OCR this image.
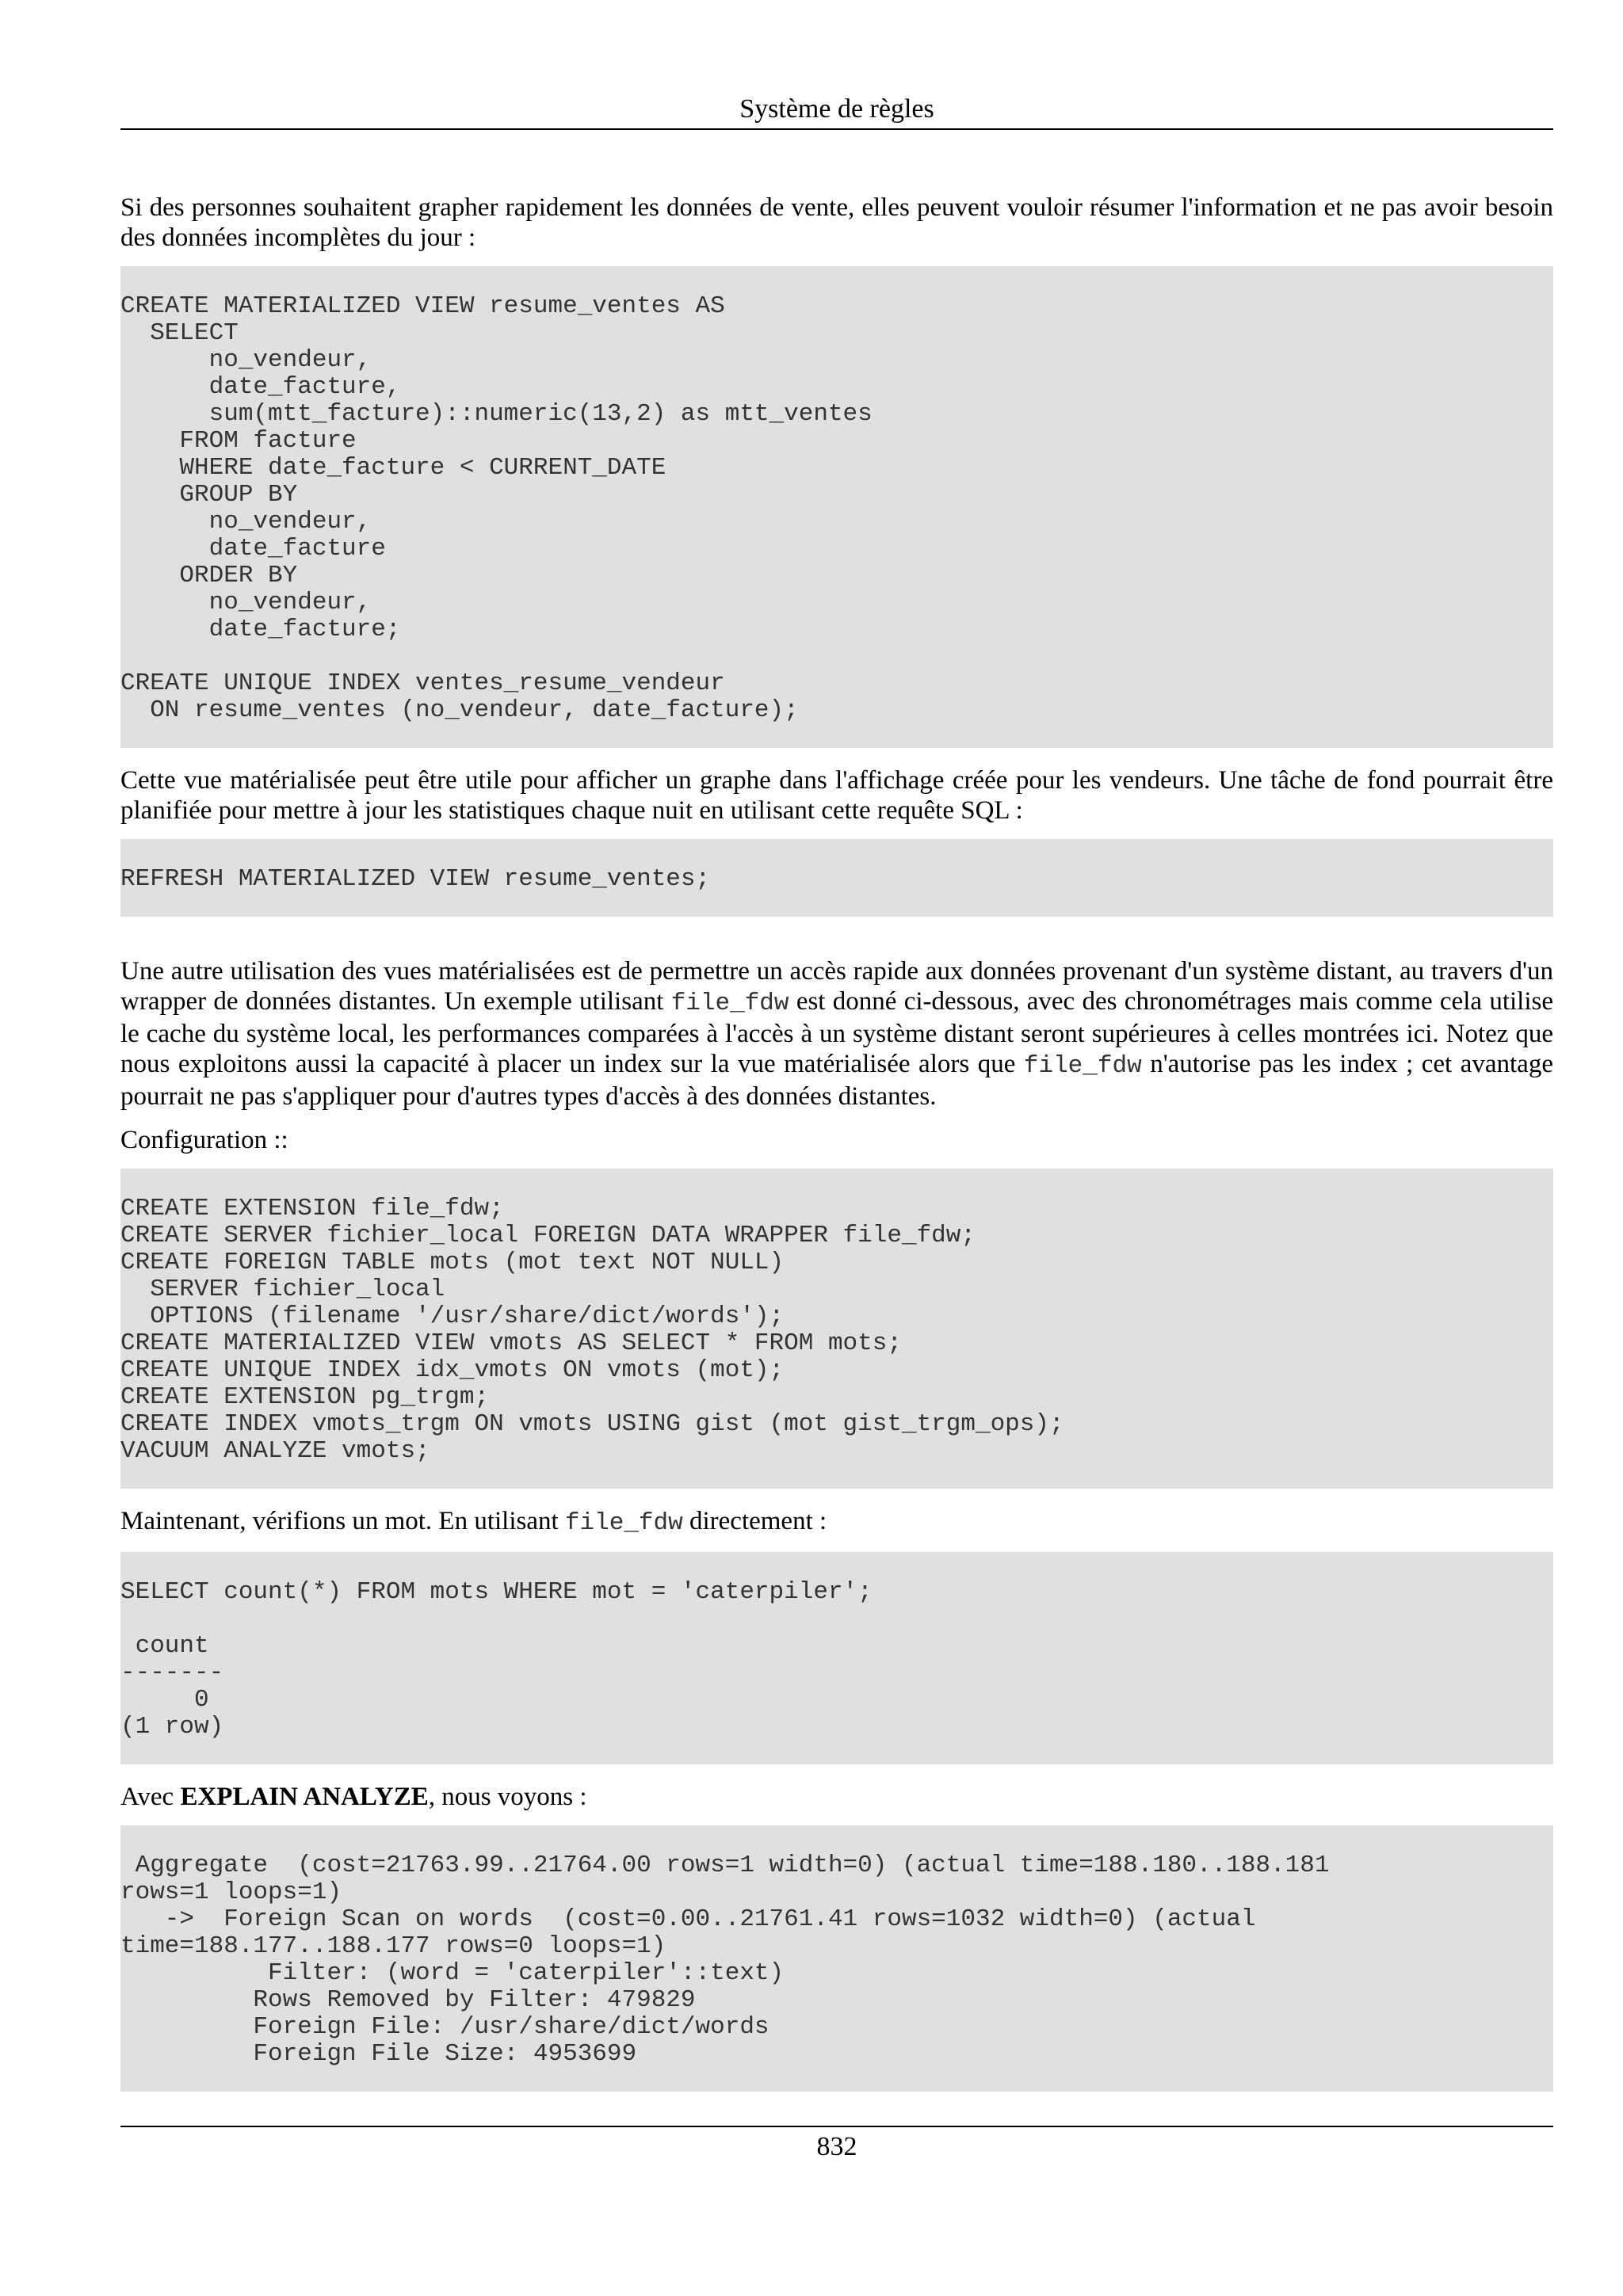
Système de règles

Si des personnes souhaitent grapher rapidement les données de vente, elles peuvent vouloir résumer l'information et ne pas avoir besoin des données incomplètes du jour :

CREATE MATERIALIZED VIEW resume_ventes AS
SELECT
no_vendeur,
date_facture,
sum(mtt_facture)::numeric(13,2) as mtt_ventes
FROM facture
WHERE date_facture < CURRENT_DATE
GROUP BY
no_vendeur,
date_facture
ORDER BY
no_vendeur,
date_facture;

CREATE UNIQUE INDEX ventes_resume_vendeur
ON resume_ventes (no_vendeur, date_facture);

Cette vue matérialisée peut être utile pour afficher un graphe dans l'affichage créée pour les vendeurs. Une tâche de fond pourrait être planifiée pour mettre à jour les statistiques chaque nuit en utilisant cette requête SQL :

REFRESH MATERIALIZED VIEW resume_ventes;

Une autre utilisation des vues matérialisées est de permettre un accès rapide aux données provenant d'un système distant, au travers d'un wrapper de données distantes. Un exemple utilisant file_fdw est donné ci-dessous, avec des chronométrages mais comme cela utilise le cache du système local, les performances comparées à l'accès à un système distant seront supérieures à celles montrées ici. Notez que nous exploitons aussi la capacité à placer un index sur la vue matérialisée alors que file_fdw n'autorise pas les index ; cet avantage pourrait ne pas s'appliquer pour d'autres types d'accès à des données distantes.

Configuration ::

CREATE EXTENSION file_fdw;
CREATE SERVER fichier_local FOREIGN DATA WRAPPER file_fdw;
CREATE FOREIGN TABLE mots (mot text NOT NULL)
SERVER fichier_local
OPTIONS (filename '/usr/share/dict/words');
CREATE MATERIALIZED VIEW vmots AS SELECT * FROM mots;
CREATE UNIQUE INDEX idx_vmots ON vmots (mot);
CREATE EXTENSION pg_trgm;
CREATE INDEX vmots_trgm ON vmots USING gist (mot gist_trgm_ops);
VACUUM ANALYZE vmots;

Maintenant, vérifions un mot. En utilisant file_fdw directement :

SELECT count(*) FROM mots WHERE mot = 'caterpiler';

count
-------
0
(1 row)

Avec EXPLAIN ANALYZE, nous voyons :

Aggregate  (cost=21763.99..21764.00 rows=1 width=0) (actual time=188.180..188.181
rows=1 loops=1)
->  Foreign Scan on words  (cost=0.00..21761.41 rows=1032 width=0) (actual
time=188.177..188.177 rows=0 loops=1)
Filter: (word = 'caterpiler'::text)
Rows Removed by Filter: 479829
Foreign File: /usr/share/dict/words
Foreign File Size: 4953699
832
